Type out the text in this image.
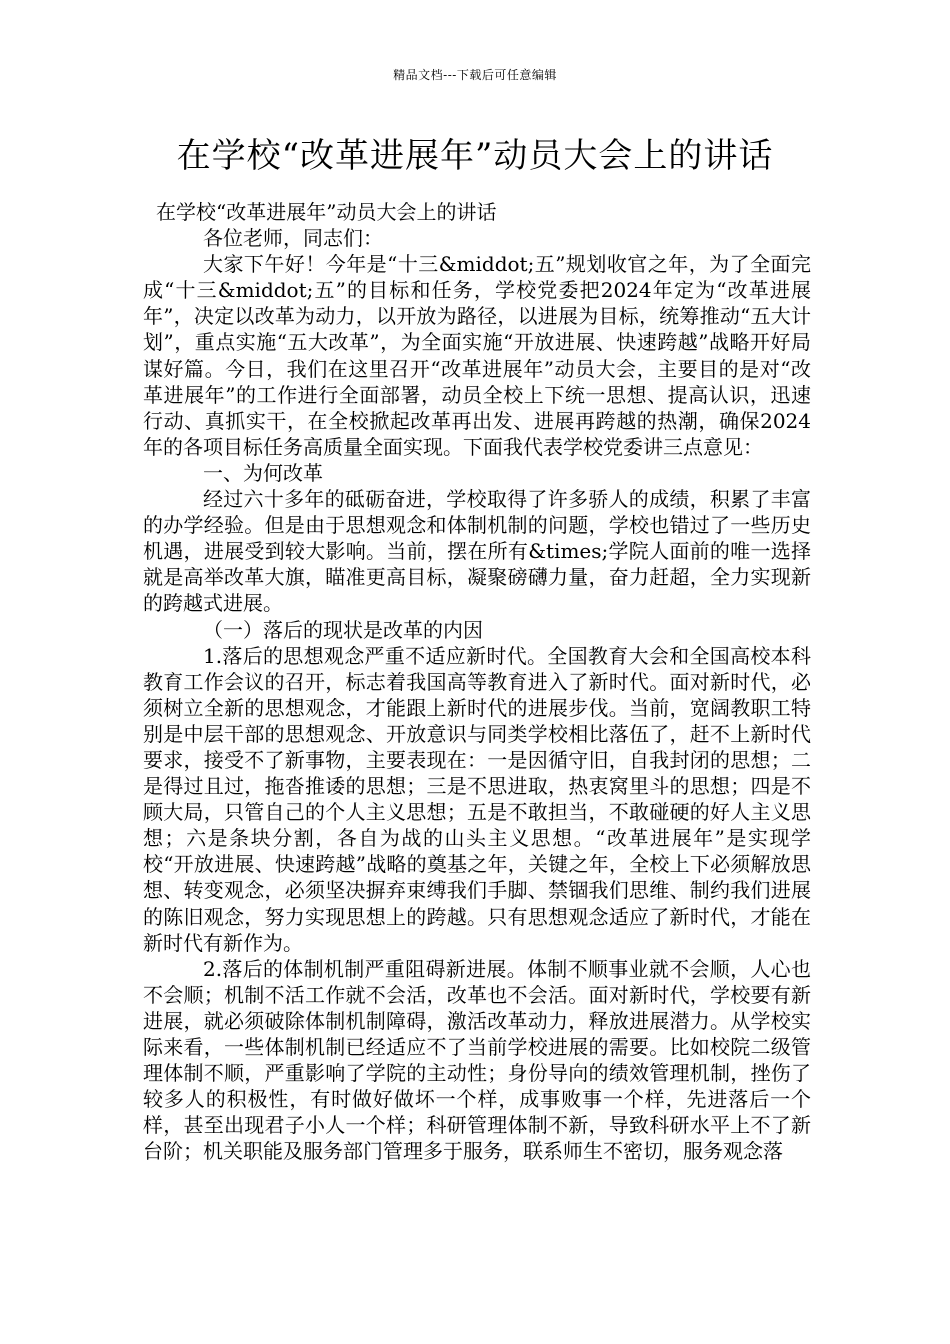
精品文档---下载后可任意编辑
在学校“改革进展年”动员大会上的讲话

在学校“改革进展年”动员大会上的讲话

各位老师，同志们：

大家下午好！今年是“十三&middot;五”规划收官之年，为了全面完成“十三&middot;五”的目标和任务，学校党委把2024年定为“改革进展年”，决定以改革为动力，以开放为路径，以进展为目标，统筹推动“五大计划”，重点实施“五大改革”，为全面实施“开放进展、快速跨越”战略开好局谋好篇。今日，我们在这里召开“改革进展年”动员大会，主要目的是对“改革进展年”的工作进行全面部署，动员全校上下统一思想、提高认识，迅速行动、真抓实干，在全校掀起改革再出发、进展再跨越的热潮，确保2024年的各项目标任务高质量全面实现。下面我代表学校党委讲三点意见：

一、为何改革

经过六十多年的砥砺奋进，学校取得了许多骄人的成绩，积累了丰富的办学经验。但是由于思想观念和体制机制的问题，学校也错过了一些历史机遇，进展受到较大影响。当前，摆在所有&times;学院人面前的唯一选择就是高举改革大旗，瞄准更高目标，凝聚磅礴力量，奋力赶超，全力实现新的跨越式进展。

（一）落后的现状是改革的内因

1.落后的思想观念严重不适应新时代。全国教育大会和全国高校本科教育工作会议的召开，标志着我国高等教育进入了新时代。面对新时代，必须树立全新的思想观念，才能跟上新时代的进展步伐。当前，宽阔教职工特别是中层干部的思想观念、开放意识与同类学校相比落伍了，赶不上新时代要求，接受不了新事物，主要表现在：一是因循守旧，自我封闭的思想；二是得过且过，拖沓推诿的思想；三是不思进取，热衷窝里斗的思想；四是不顾大局，只管自己的个人主义思想；五是不敢担当，不敢碰硬的好人主义思想；六是条块分割，各自为战的山头主义思想。“改革进展年”是实现学校“开放进展、快速跨越”战略的奠基之年，关键之年，全校上下必须解放思想、转变观念，必须坚决摒弃束缚我们手脚、禁锢我们思维、制约我们进展的陈旧观念，努力实现思想上的跨越。只有思想观念适应了新时代，才能在新时代有新作为。

2.落后的体制机制严重阻碍新进展。体制不顺事业就不会顺，人心也不会顺；机制不活工作就不会活，改革也不会活。面对新时代，学校要有新进展，就必须破除体制机制障碍，激活改革动力，释放进展潜力。从学校实际来看，一些体制机制已经适应不了当前学校进展的需要。比如校院二级管理体制不顺，严重影响了学院的主动性；身份导向的绩效管理机制，挫伤了较多人的积极性，有时做好做坏一个样，成事败事一个样，先进落后一个样，甚至出现君子小人一个样；科研管理体制不新，导致科研水平上不了新台阶；机关职能及服务部门管理多于服务，联系师生不密切，服务观念落
